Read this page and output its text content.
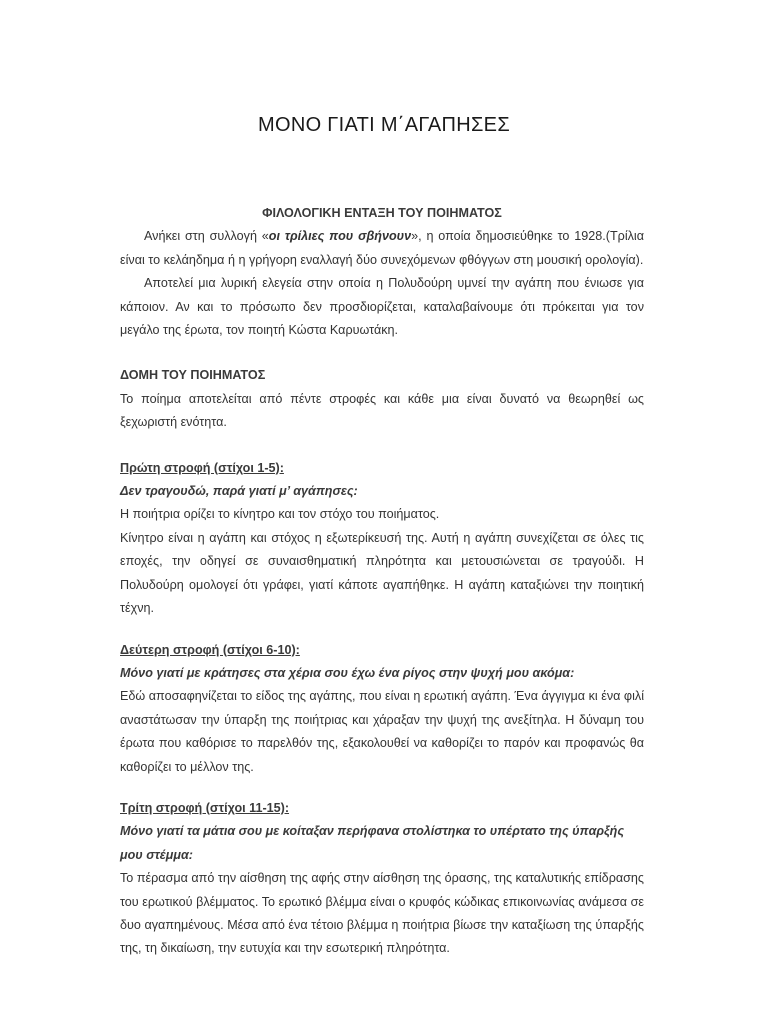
ΜΟΝΟ ΓΙΑΤΙ Μ΄ΑΓΑΠΗΣΕΣ
ΦΙΛΟΛΟΓΙΚΗ ΕΝΤΑΞΗ ΤΟΥ ΠΟΙΗΜΑΤΟΣ

Ανήκει στη συλλογή «οι τρίλιες που σβήνουν», η οποία δημοσιεύθηκε το 1928.(Τρίλια είναι το κελάηδημα ή η γρήγορη εναλλαγή δύο συνεχόμενων φθόγγων στη μουσική ορολογία).

Αποτελεί μια λυρική ελεγεία στην οποία η Πολυδούρη υμνεί την αγάπη που ένιωσε για κάποιον. Αν και το πρόσωπο δεν προσδιορίζεται, καταλαβαίνουμε ότι πρόκειται για τον μεγάλο της έρωτα, τον ποιητή Κώστα Καρυωτάκη.

ΔΟΜΗ ΤΟΥ ΠΟΙΗΜΑΤΟΣ

Το ποίημα αποτελείται από πέντε στροφές και κάθε μια είναι δυνατό να θεωρηθεί ως ξεχωριστή ενότητα.

Πρώτη στροφή (στίχοι 1-5):
Δεν τραγουδώ, παρά γιατί μ’ αγάπησες:

Η ποιήτρια ορίζει το κίνητρο και τον στόχο του ποιήματος.

Κίνητρο είναι η αγάπη και στόχος η εξωτερίκευσή της. Αυτή η αγάπη συνεχίζεται σε όλες τις εποχές, την οδηγεί σε συναισθηματική πληρότητα και μετουσιώνεται σε τραγούδι. Η Πολυδούρη ομολογεί ότι γράφει, γιατί κάποτε αγαπήθηκε. Η αγάπη καταξιώνει την ποιητική τέχνη.

Δεύτερη στροφή (στίχοι 6-10):
Μόνο γιατί με κράτησες στα χέρια σου έχω ένα ρίγος στην ψυχή μου ακόμα:

Εδώ αποσαφηνίζεται το είδος της αγάπης, που είναι η ερωτική αγάπη. Ένα άγγιγμα κι ένα φιλί αναστάτωσαν την ύπαρξη της ποιήτριας και χάραξαν την ψυχή της ανεξίτηλα. Η δύναμη του έρωτα που καθόρισε το παρελθόν της, εξακολουθεί να καθορίζει το παρόν και προφανώς θα καθορίζει το μέλλον της.

Τρίτη στροφή (στίχοι 11-15):
Μόνο γιατί τα μάτια σου με κοίταξαν περήφανα στολίστηκα το υπέρτατο της ύπαρξής μου στέμμα:

Το πέρασμα από την αίσθηση της αφής στην αίσθηση της όρασης, της καταλυτικής επίδρασης του ερωτικού βλέμματος. Το ερωτικό βλέμμα είναι ο κρυφός κώδικας επικοινωνίας ανάμεσα σε δυο αγαπημένους. Μέσα από ένα τέτοιο βλέμμα η ποιήτρια βίωσε την καταξίωση της ύπαρξής της, τη δικαίωση, την ευτυχία και την εσωτερική πληρότητα.
